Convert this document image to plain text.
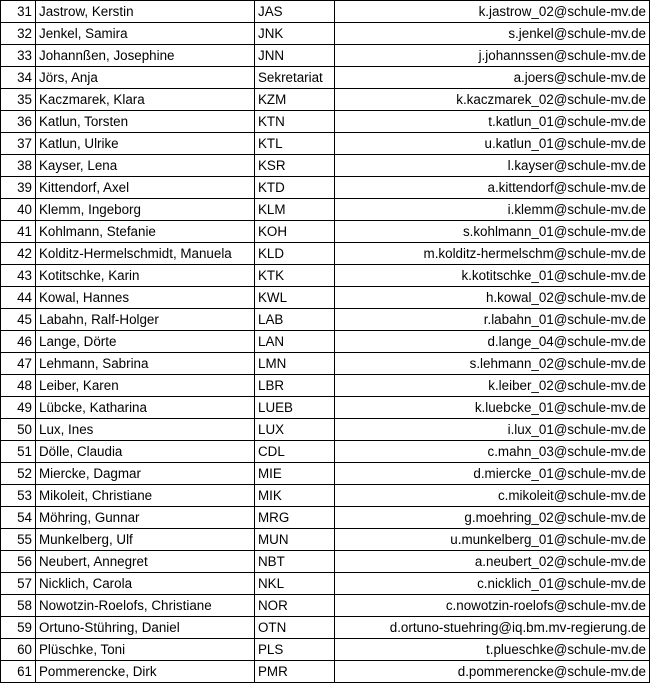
31	Jastrow, Kerstin	JAS	k.jastrow_02@schule-mv.de
32	Jenkel, Samira	JNK	s.jenkel@schule-mv.de
33	Johannßen, Josephine	JNN	j.johannssen@schule-mv.de
34	Jörs, Anja	Sekretariat	a.joers@schule-mv.de
35	Kaczmarek, Klara	KZM	k.kaczmarek_02@schule-mv.de
36	Katlun, Torsten	KTN	t.katlun_01@schule-mv.de
37	Katlun, Ulrike	KTL	u.katlun_01@schule-mv.de
38	Kayser, Lena	KSR	l.kayser@schule-mv.de
39	Kittendorf, Axel	KTD	a.kittendorf@schule-mv.de
40	Klemm, Ingeborg	KLM	i.klemm@schule-mv.de
41	Kohlmann, Stefanie	KOH	s.kohlmann_01@schule-mv.de
42	Kolditz-Hermelschmidt, Manuela	KLD	m.kolditz-hermelschm@schule-mv.de
43	Kotitschke, Karin	KTK	k.kotitschke_01@schule-mv.de
44	Kowal, Hannes	KWL	h.kowal_02@schule-mv.de
45	Labahn, Ralf-Holger	LAB	r.labahn_01@schule-mv.de
46	Lange, Dörte	LAN	d.lange_04@schule-mv.de
47	Lehmann, Sabrina	LMN	s.lehmann_02@schule-mv.de
48	Leiber, Karen	LBR	k.leiber_02@schule-mv.de
49	Lübcke, Katharina	LUEB	k.luebcke_01@schule-mv.de
50	Lux, Ines	LUX	i.lux_01@schule-mv.de
51	Dölle, Claudia	CDL	c.mahn_03@schule-mv.de
52	Miercke, Dagmar	MIE	d.miercke_01@schule-mv.de
53	Mikoleit, Christiane	MIK	c.mikoleit@schule-mv.de
54	Möhring, Gunnar	MRG	g.moehring_02@schule-mv.de
55	Munkelberg, Ulf	MUN	u.munkelberg_01@schule-mv.de
56	Neubert, Annegret	NBT	a.neubert_02@schule-mv.de
57	Nicklich, Carola	NKL	c.nicklich_01@schule-mv.de
58	Nowotzin-Roelofs, Christiane	NOR	c.nowotzin-roelofs@schule-mv.de
59	Ortuno-Stühring, Daniel	OTN	d.ortuno-stuehring@iq.bm.mv-regierung.de
60	Plüschke, Toni	PLS	t.plueschke@schule-mv.de
61	Pommerencke, Dirk	PMR	d.pommerencke@schule-mv.de
